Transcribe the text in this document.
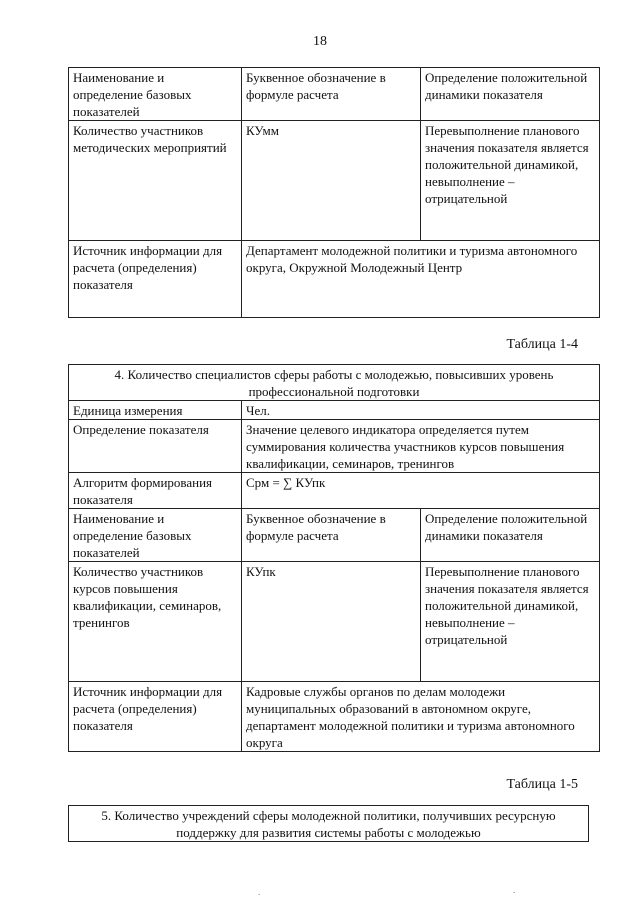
18
Наименование и определение базовых показателей	Буквенное обозначение в формуле расчета	Определение положительной динамики показателя
Количество участников методических мероприятий	КУмм	Перевыполнение планового значения показателя является положительной динамикой, невыполнение – отрицательной
Источник информации для расчета (определения) показателя	Департамент молодежной политики и туризма автономного округа, Окружной Молодежный Центр	
Таблица 1-4
4. Количество специалистов сферы работы с молодежью, повысивших уровень профессиональной подготовки		
Единица измерения	Чел.	
Определение показателя	Значение целевого индикатора определяется путем суммирования количества участников курсов повышения квалификации, семинаров, тренингов	
Алгоритм формирования показателя	Срм = ∑ КУпк	
Наименование и определение базовых показателей	Буквенное обозначение в формуле расчета	Определение положительной динамики показателя
Количество участников курсов повышения квалификации, семинаров, тренингов	КУпк	Перевыполнение планового значения показателя является положительной динамикой, невыполнение – отрицательной
Источник информации для расчета (определения) показателя	Кадровые службы органов по делам молодежи муниципальных образований в автономном округе, департамент молодежной политики и туризма автономного округа	
Таблица 1-5
5. Количество учреждений сферы молодежной политики, получивших ресурсную поддержку для развития системы работы с молодежью
.	.
